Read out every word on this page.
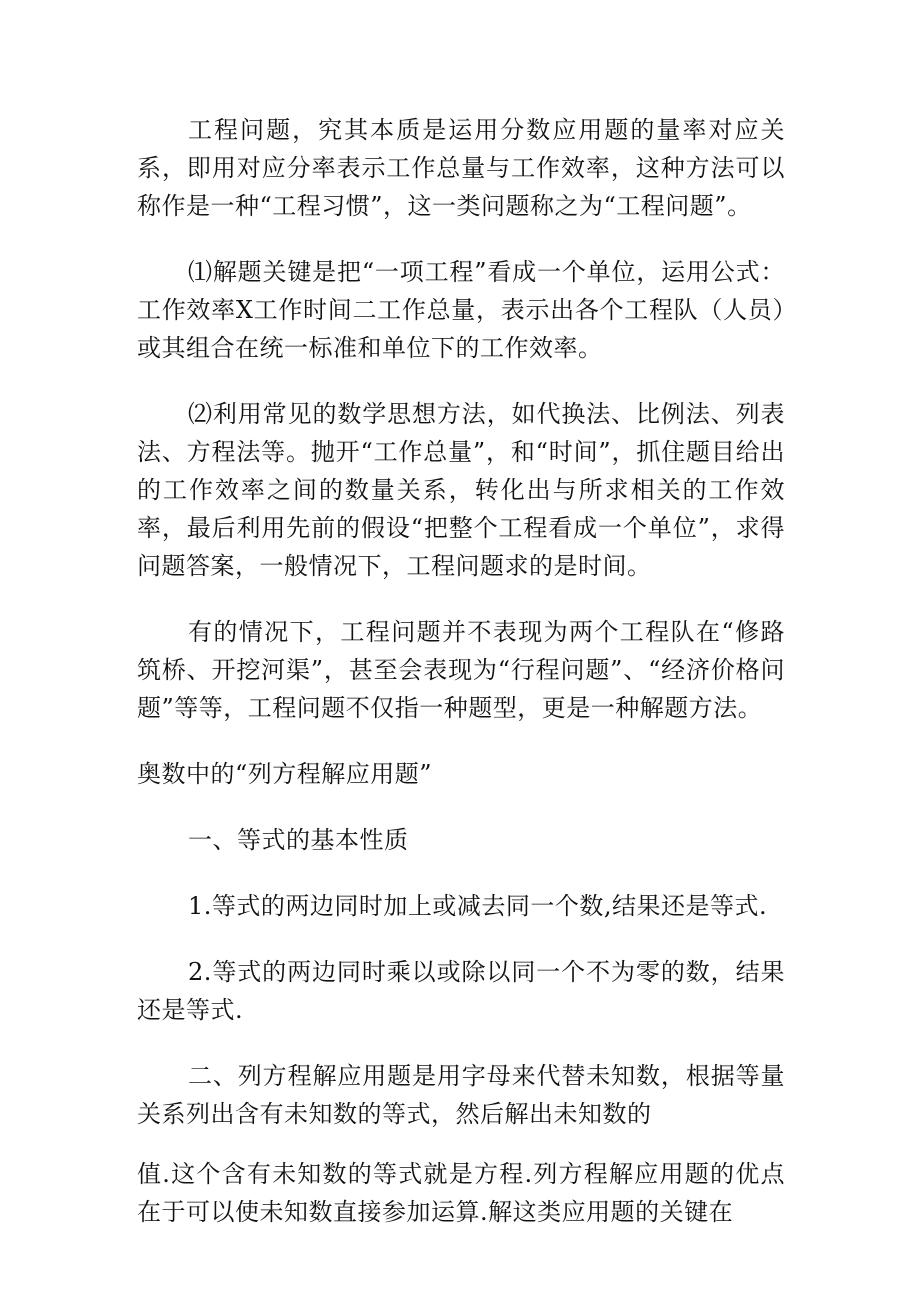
工程问题，究其本质是运用分数应用题的量率对应关系，即用对应分率表示工作总量与工作效率，这种方法可以称作是一种“工程习惯”，这一类问题称之为“工程问题”。

⑴解题关键是把“一项工程”看成一个单位，运用公式：工作效率X工作时间二工作总量，表示出各个工程队（人员）或其组合在统一标准和单位下的工作效率。

⑵利用常见的数学思想方法，如代换法、比例法、列表法、方程法等。抛开“工作总量”，和“时间”，抓住题目给出的工作效率之间的数量关系，转化出与所求相关的工作效率，最后利用先前的假设“把整个工程看成一个单位”，求得问题答案，一般情况下，工程问题求的是时间。

有的情况下，工程问题并不表现为两个工程队在“修路筑桥、开挖河渠”，甚至会表现为“行程问题”、“经济价格问题”等等，工程问题不仅指一种题型，更是一种解题方法。

奥数中的“列方程解应用题”

一、等式的基本性质

1.等式的两边同时加上或减去同一个数,结果还是等式.

2.等式的两边同时乘以或除以同一个不为零的数，结果还是等式.

二、列方程解应用题是用字母来代替未知数，根据等量关系列出含有未知数的等式，然后解出未知数的

值.这个含有未知数的等式就是方程.列方程解应用题的优点在于可以使未知数直接参加运算.解这类应用题的关键在
